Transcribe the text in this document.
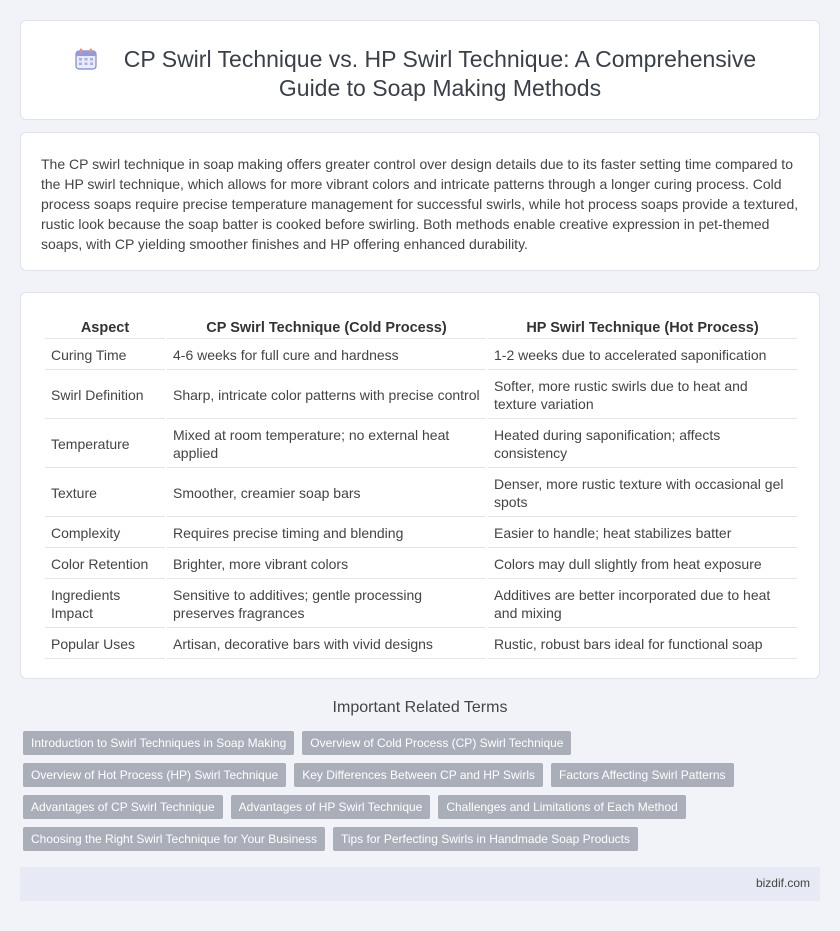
CP Swirl Technique vs. HP Swirl Technique: A Comprehensive Guide to Soap Making Methods

The CP swirl technique in soap making offers greater control over design details due to its faster setting time compared to the HP swirl technique, which allows for more vibrant colors and intricate patterns through a longer curing process. Cold process soaps require precise temperature management for successful swirls, while hot process soaps provide a textured, rustic look because the soap batter is cooked before swirling. Both methods enable creative expression in pet-themed soaps, with CP yielding smoother finishes and HP offering enhanced durability.

Aspect	CP Swirl Technique (Cold Process)	HP Swirl Technique (Hot Process)
Curing Time	4-6 weeks for full cure and hardness	1-2 weeks due to accelerated saponification
Swirl Definition	Sharp, intricate color patterns with precise control	Softer, more rustic swirls due to heat and texture variation
Temperature	Mixed at room temperature; no external heat applied	Heated during saponification; affects consistency
Texture	Smoother, creamier soap bars	Denser, more rustic texture with occasional gel spots
Complexity	Requires precise timing and blending	Easier to handle; heat stabilizes batter
Color Retention	Brighter, more vibrant colors	Colors may dull slightly from heat exposure
Ingredients Impact	Sensitive to additives; gentle processing preserves fragrances	Additives are better incorporated due to heat and mixing
Popular Uses	Artisan, decorative bars with vivid designs	Rustic, robust bars ideal for functional soap
Important Related Terms
Introduction to Swirl Techniques in Soap Making	Overview of Cold Process (CP) Swirl Technique
Overview of Hot Process (HP) Swirl Technique	Key Differences Between CP and HP Swirls	Factors Affecting Swirl Patterns
Advantages of CP Swirl Technique	Advantages of HP Swirl Technique	Challenges and Limitations of Each Method
Choosing the Right Swirl Technique for Your Business	Tips for Perfecting Swirls in Handmade Soap Products
bizdif.com
